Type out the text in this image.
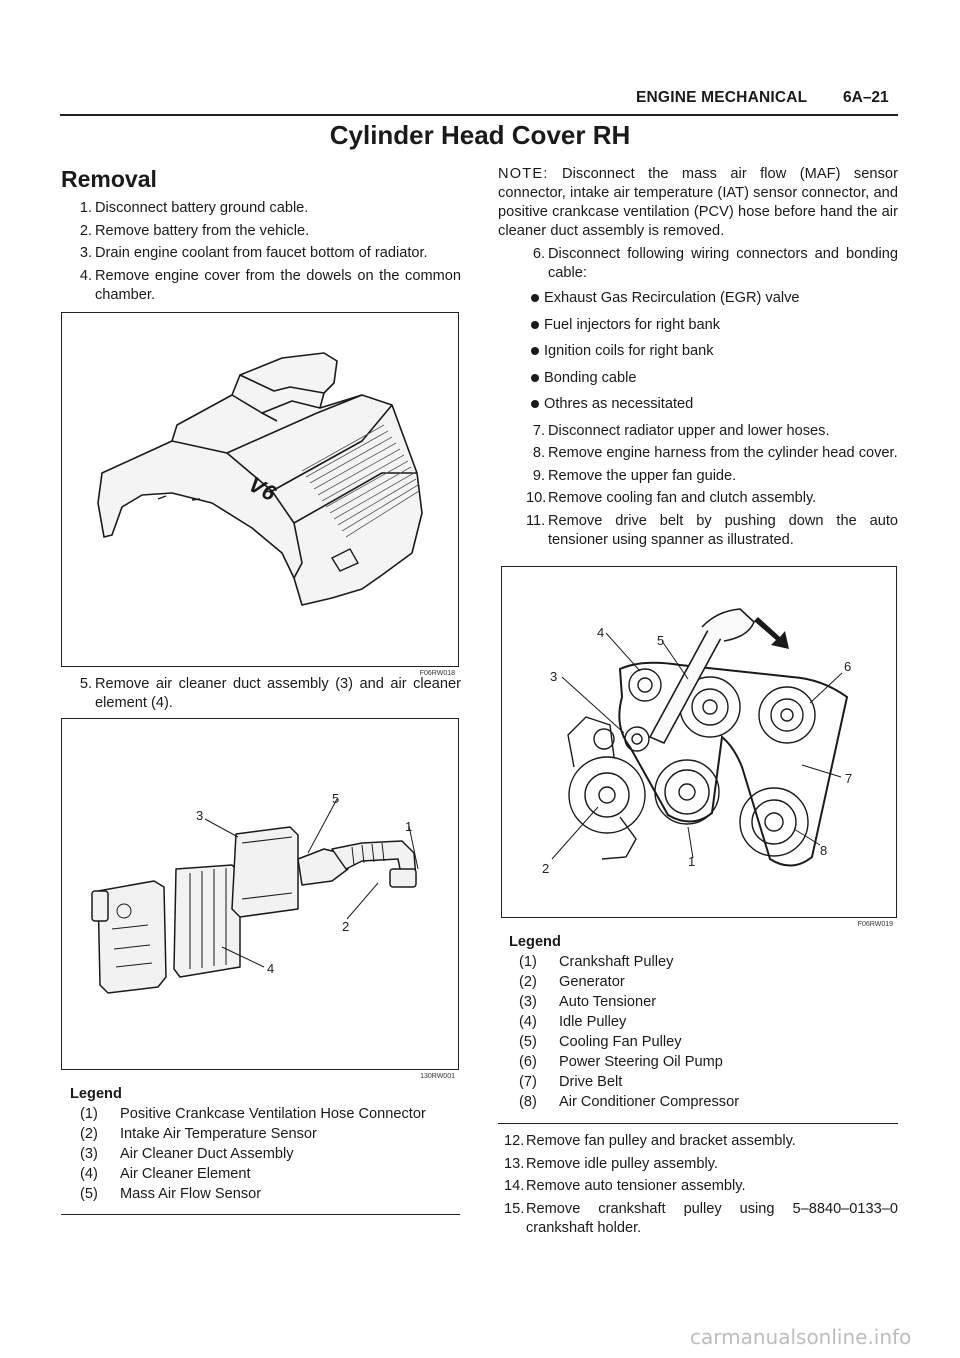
ENGINE MECHANICAL 6A–21
Cylinder Head Cover RH
Removal
1. Disconnect battery ground cable.
2. Remove battery from the vehicle.
3. Drain engine coolant from faucet bottom of radiator.
4. Remove engine cover from the dowels on the common chamber.
V6
F06RW018
5. Remove air cleaner duct assembly (3) and air cleaner element (4).
1
2
3
4
5
130RW001
Legend
(1) Positive Crankcase Ventilation Hose Connector
(2) Intake Air Temperature Sensor
(3) Air Cleaner Duct Assembly
(4) Air Cleaner Element
(5) Mass Air Flow Sensor
NOTE: Disconnect the mass air flow (MAF) sensor connector, intake air temperature (IAT) sensor connector, and positive crankcase ventilation (PCV) hose before hand the air cleaner duct assembly is removed.
6. Disconnect following wiring connectors and bonding cable:
Exhaust Gas Recirculation (EGR) valve
Fuel injectors for right bank
Ignition coils for right bank
Bonding cable
Othres as necessitated
7. Disconnect radiator upper and lower hoses.
8. Remove engine harness from the cylinder head cover.
9. Remove the upper fan guide.
10. Remove cooling fan and clutch assembly.
11. Remove drive belt by pushing down the auto tensioner using spanner as illustrated.
1
2
3
4
5
6
7
8
F06RW019
Legend
(1) Crankshaft Pulley
(2) Generator
(3) Auto Tensioner
(4) Idle Pulley
(5) Cooling Fan Pulley
(6) Power Steering Oil Pump
(7) Drive Belt
(8) Air Conditioner Compressor
12. Remove fan pulley and bracket assembly.
13. Remove idle pulley assembly.
14. Remove auto tensioner assembly.
15. Remove crankshaft pulley using 5–8840–0133–0 crankshaft holder.
carmanualsonline.info
